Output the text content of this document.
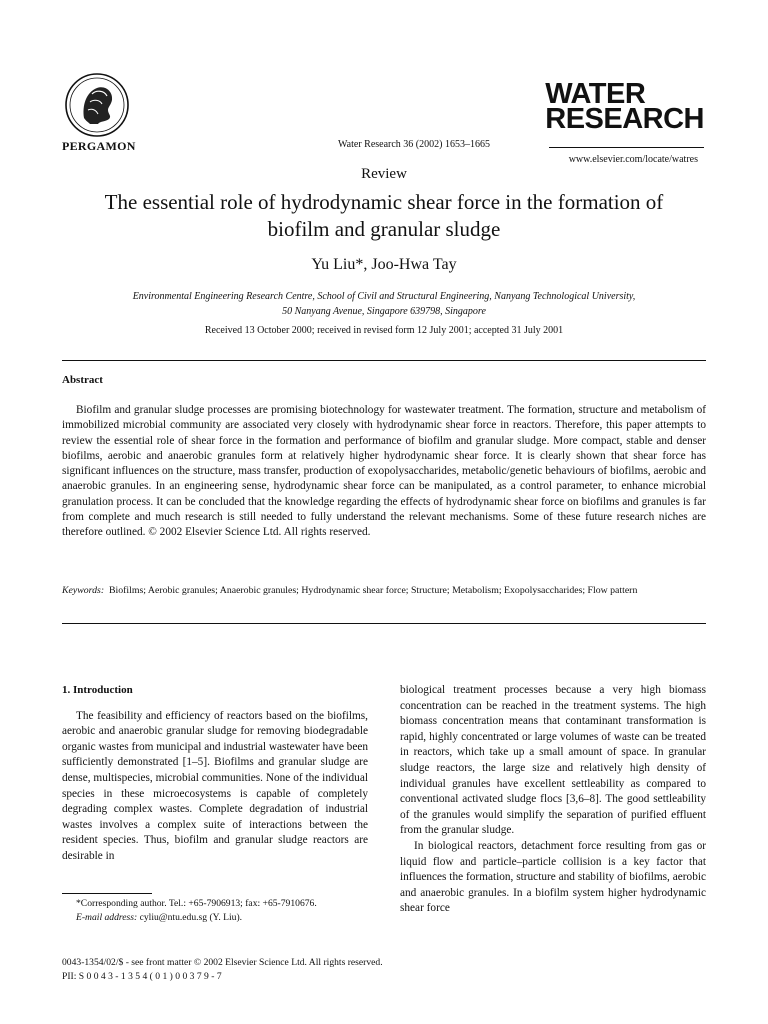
PERGAMON	Water Research 36 (2002) 1653–1665
WATER
RESEARCH
www.elsevier.com/locate/watres
Review
The essential role of hydrodynamic shear force in the formation of biofilm and granular sludge
Yu Liu*, Joo-Hwa Tay
Environmental Engineering Research Centre, School of Civil and Structural Engineering, Nanyang Technological University,
50 Nanyang Avenue, Singapore 639798, Singapore
Received 13 October 2000; received in revised form 12 July 2001; accepted 31 July 2001
Abstract
Biofilm and granular sludge processes are promising biotechnology for wastewater treatment. The formation, structure and metabolism of immobilized microbial community are associated very closely with hydrodynamic shear force in reactors. Therefore, this paper attempts to review the essential role of shear force in the formation and performance of biofilm and granular sludge. More compact, stable and denser biofilms, aerobic and anaerobic granules form at relatively higher hydrodynamic shear force. It is clearly shown that shear force has significant influences on the structure, mass transfer, production of exopolysaccharides, metabolic/genetic behaviours of biofilms, aerobic and anaerobic granules. In an engineering sense, hydrodynamic shear force can be manipulated, as a control parameter, to enhance microbial granulation process. It can be concluded that the knowledge regarding the effects of hydrodynamic shear force on biofilms and granules is far from complete and much research is still needed to fully understand the relevant mechanisms. Some of these future research niches are therefore outlined. © 2002 Elsevier Science Ltd. All rights reserved.
Keywords: Biofilms; Aerobic granules; Anaerobic granules; Hydrodynamic shear force; Structure; Metabolism; Exopolysaccharides; Flow pattern
1. Introduction

The feasibility and efficiency of reactors based on the biofilms, aerobic and anaerobic granular sludge for removing biodegradable organic wastes from municipal and industrial wastewater have been sufficiently demonstrated [1–5]. Biofilms and granular sludge are dense, multispecies, microbial communities. None of the individual species in these microecosystems is capable of completely degrading complex wastes. Complete degradation of industrial wastes involves a complex suite of interactions between the resident species. Thus, biofilm and granular sludge reactors are desirable in

biological treatment processes because a very high biomass concentration can be reached in the treatment systems. The high biomass concentration means that contaminant transformation is rapid, highly concentrated or large volumes of waste can be treated in reactors, which take up a small amount of space. In granular sludge reactors, the large size and relatively high density of individual granules have excellent settleability as compared to conventional activated sludge flocs [3,6–8]. The good settleability of the granules would simplify the separation of purified effluent from the granular sludge.

In biological reactors, detachment force resulting from gas or liquid flow and particle–particle collision is a key factor that influences the formation, structure and stability of biofilms, aerobic and anaerobic granules. In a biofilm system higher hydrodynamic shear force

*Corresponding author. Tel.: +65-7906913; fax: +65-7910676.
E-mail address: cyliu@ntu.edu.sg (Y. Liu).
0043-1354/02/$ - see front matter © 2002 Elsevier Science Ltd. All rights reserved.
PII: S 0 0 4 3 - 1 3 5 4 ( 0 1 ) 0 0 3 7 9 - 7
